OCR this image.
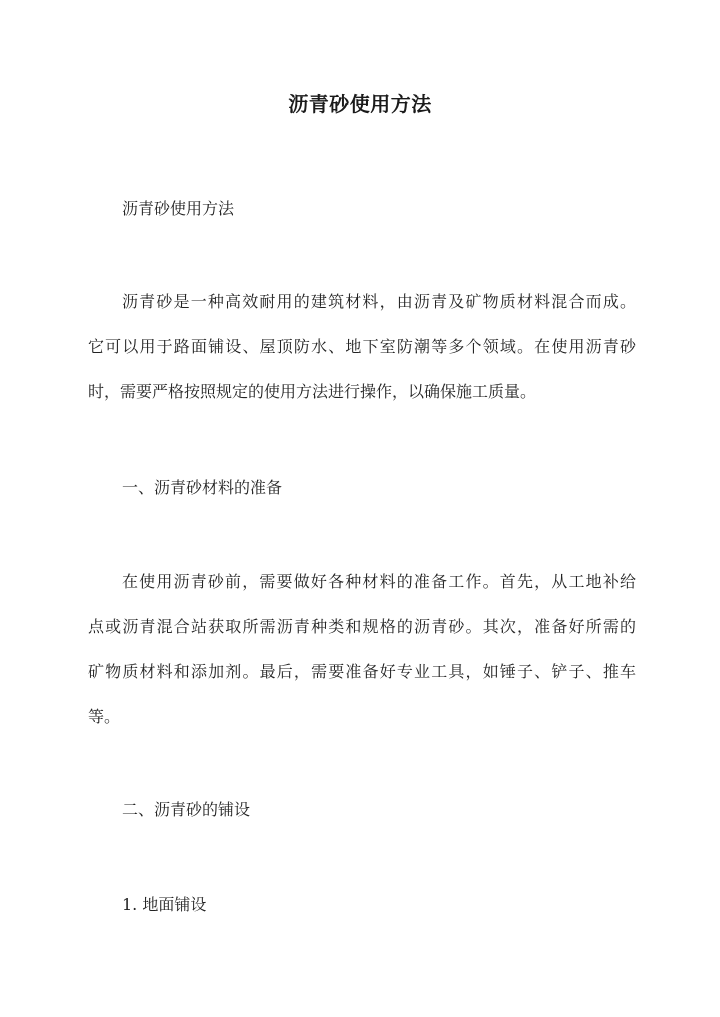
沥青砂使用方法
沥青砂使用方法
沥青砂是一种高效耐用的建筑材料，由沥青及矿物质材料混合而成。
它可以用于路面铺设、屋顶防水、地下室防潮等多个领域。在使用沥青砂
时，需要严格按照规定的使用方法进行操作，以确保施工质量。
一、沥青砂材料的准备
在使用沥青砂前，需要做好各种材料的准备工作。首先，从工地补给
点或沥青混合站获取所需沥青种类和规格的沥青砂。其次，准备好所需的
矿物质材料和添加剂。最后，需要准备好专业工具，如锤子、铲子、推车
等。
二、沥青砂的铺设
1. 地面铺设
